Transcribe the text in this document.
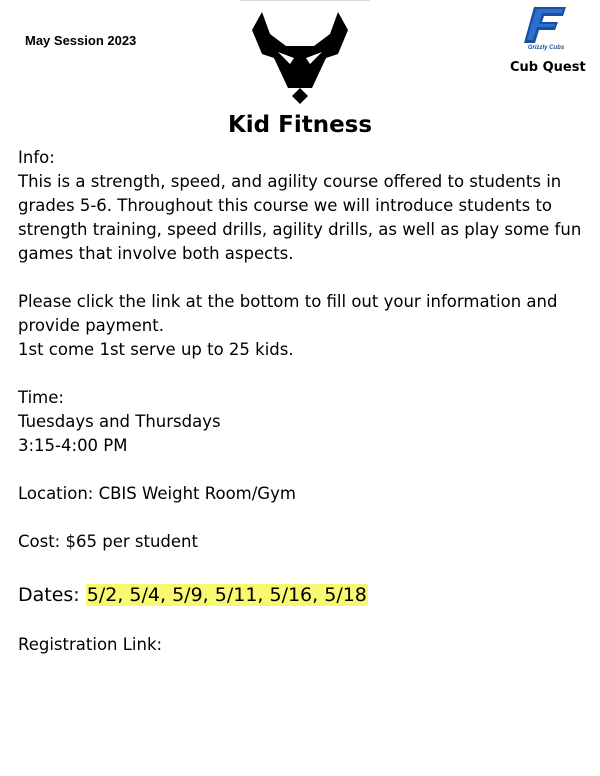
May Session 2023	Grizzly Cubs
Cub Quest
Kid Fitness

Info:

This is a strength, speed, and agility course offered to students in grades 5-6. Throughout this course we will introduce students to strength training, speed drills, agility drills, as well as play some fun games that involve both aspects.

Please click the link at the bottom to fill out your information and provide payment.

1st come 1st serve up to 25 kids.

Time:

Tuesdays and Thursdays

3:15-4:00 PM

Location: CBIS Weight Room/Gym

Cost: $65 per student

Dates: 5/2, 5/4, 5/9, 5/11, 5/16, 5/18

Registration Link:
